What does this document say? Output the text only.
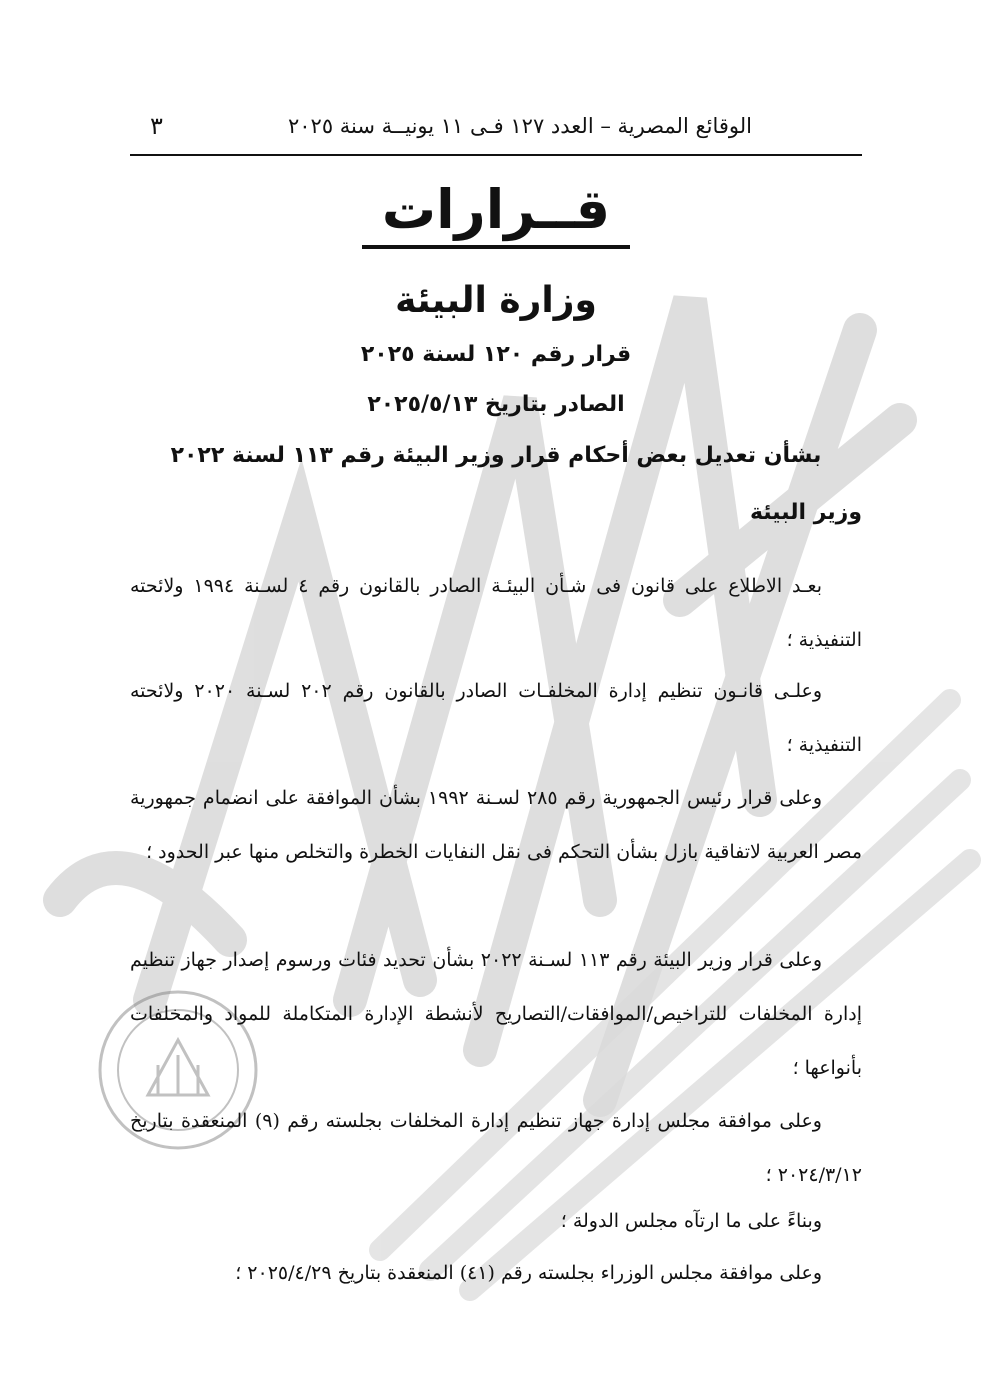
الوقائع المصرية – العدد ١٢٧ فـى ١١ يونيــة سنة ٢٠٢٥
٣
قــرارات
وزارة البيئة
قرار رقم ١٢٠ لسنة ٢٠٢٥
الصادر بتاريخ ٢٠٢٥/٥/١٣
بشأن تعديل بعض أحكام قرار وزير البيئة رقم ١١٣ لسنة ٢٠٢٢
وزير البيئة

بعـد الاطلاع على قانون فى شـأن البيئـة الصادر بالقانون رقم ٤ لسـنة ١٩٩٤ ولائحته التنفيذية ؛

وعلـى قانـون تنظيم إدارة المخلفـات الصادر بالقانون رقم ٢٠٢ لسـنة ٢٠٢٠ ولائحته التنفيذية ؛

وعلى قرار رئيس الجمهورية رقم ٢٨٥ لسـنة ١٩٩٢ بشأن الموافقة على انضمام جمهورية مصر العربية لاتفاقية بازل بشأن التحكم فى نقل النفايات الخطرة والتخلص منها عبر الحدود ؛

وعلى قرار وزير البيئة رقم ١١٣ لسـنة ٢٠٢٢ بشأن تحديد فئات ورسوم إصدار جهاز تنظيم إدارة المخلفات للتراخيص/الموافقات/التصاريح لأنشطة الإدارة المتكاملة للمواد والمخلفات بأنواعها ؛

وعلى موافقة مجلس إدارة جهاز تنظيم إدارة المخلفات بجلسته رقم (٩) المنعقدة بتاريخ ٢٠٢٤/٣/١٢ ؛

وبناءً على ما ارتآه مجلس الدولة ؛

وعلى موافقة مجلس الوزراء بجلسته رقم (٤١) المنعقدة بتاريخ ٢٠٢٥/٤/٢٩ ؛
